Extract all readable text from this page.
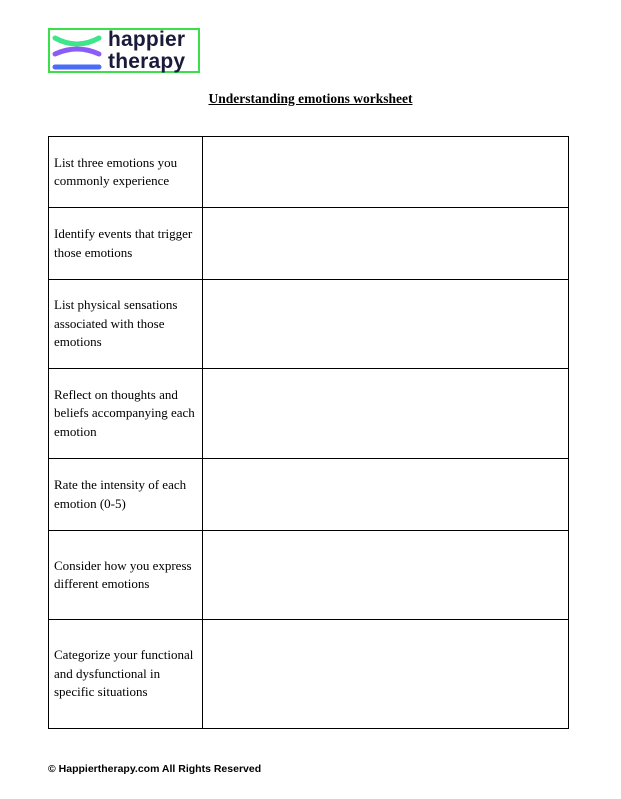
happier
therapy
Understanding emotions worksheet
List three emotions you commonly experience	
Identify events that trigger those emotions	
List physical sensations associated with those emotions	
Reflect on thoughts and beliefs accompanying each emotion	
Rate the intensity of each emotion (0-5)	
Consider how you express different emotions	
Categorize your functional and dysfunctional in specific situations	
© Happiertherapy.com All Rights Reserved
